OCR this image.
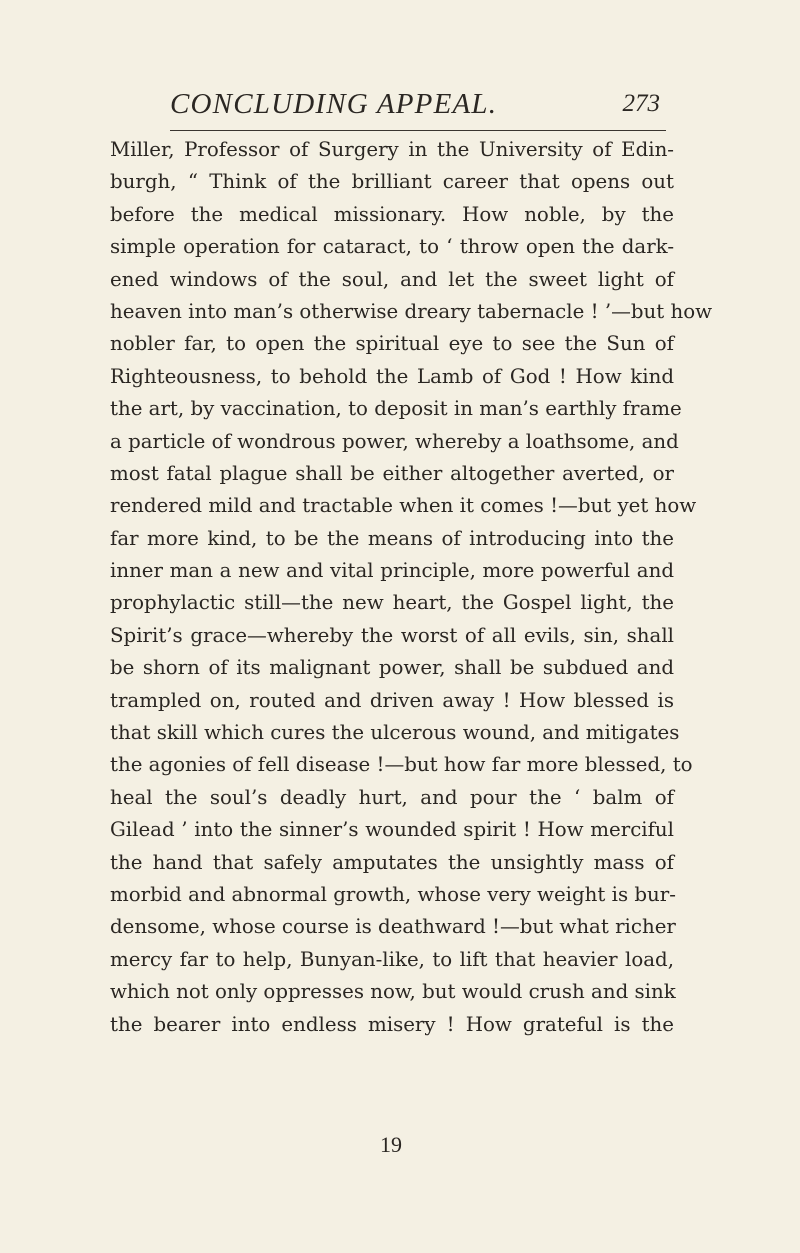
CONCLUDING APPEAL.	273
Miller, Professor of Surgery in the University of Edin-
burgh, “ Think of the brilliant career that opens out
before the medical missionary. How noble, by the
simple operation for cataract, to ‘ throw open the dark-
ened windows of the soul, and let the sweet light of
heaven into man’s otherwise dreary tabernacle ! ’—but how
nobler far, to open the spiritual eye to see the Sun of
Righteousness, to behold the Lamb of God ! How kind
the art, by vaccination, to deposit in man’s earthly frame
a particle of wondrous power, whereby a loathsome, and
most fatal plague shall be either altogether averted, or
rendered mild and tractable when it comes !—but yet how
far more kind, to be the means of introducing into the
inner man a new and vital principle, more powerful and
prophylactic still—the new heart, the Gospel light, the
Spirit’s grace—whereby the worst of all evils, sin, shall
be shorn of its malignant power, shall be subdued and
trampled on, routed and driven away ! How blessed is
that skill which cures the ulcerous wound, and mitigates
the agonies of fell disease !—but how far more blessed, to
heal the soul’s deadly hurt, and pour the ‘ balm of
Gilead ’ into the sinner’s wounded spirit ! How merciful
the hand that safely amputates the unsightly mass of
morbid and abnormal growth, whose very weight is bur-
densome, whose course is deathward !—but what richer
mercy far to help, Bunyan-like, to lift that heavier load,
which not only oppresses now, but would crush and sink
the bearer into endless misery ! How grateful is the
19
